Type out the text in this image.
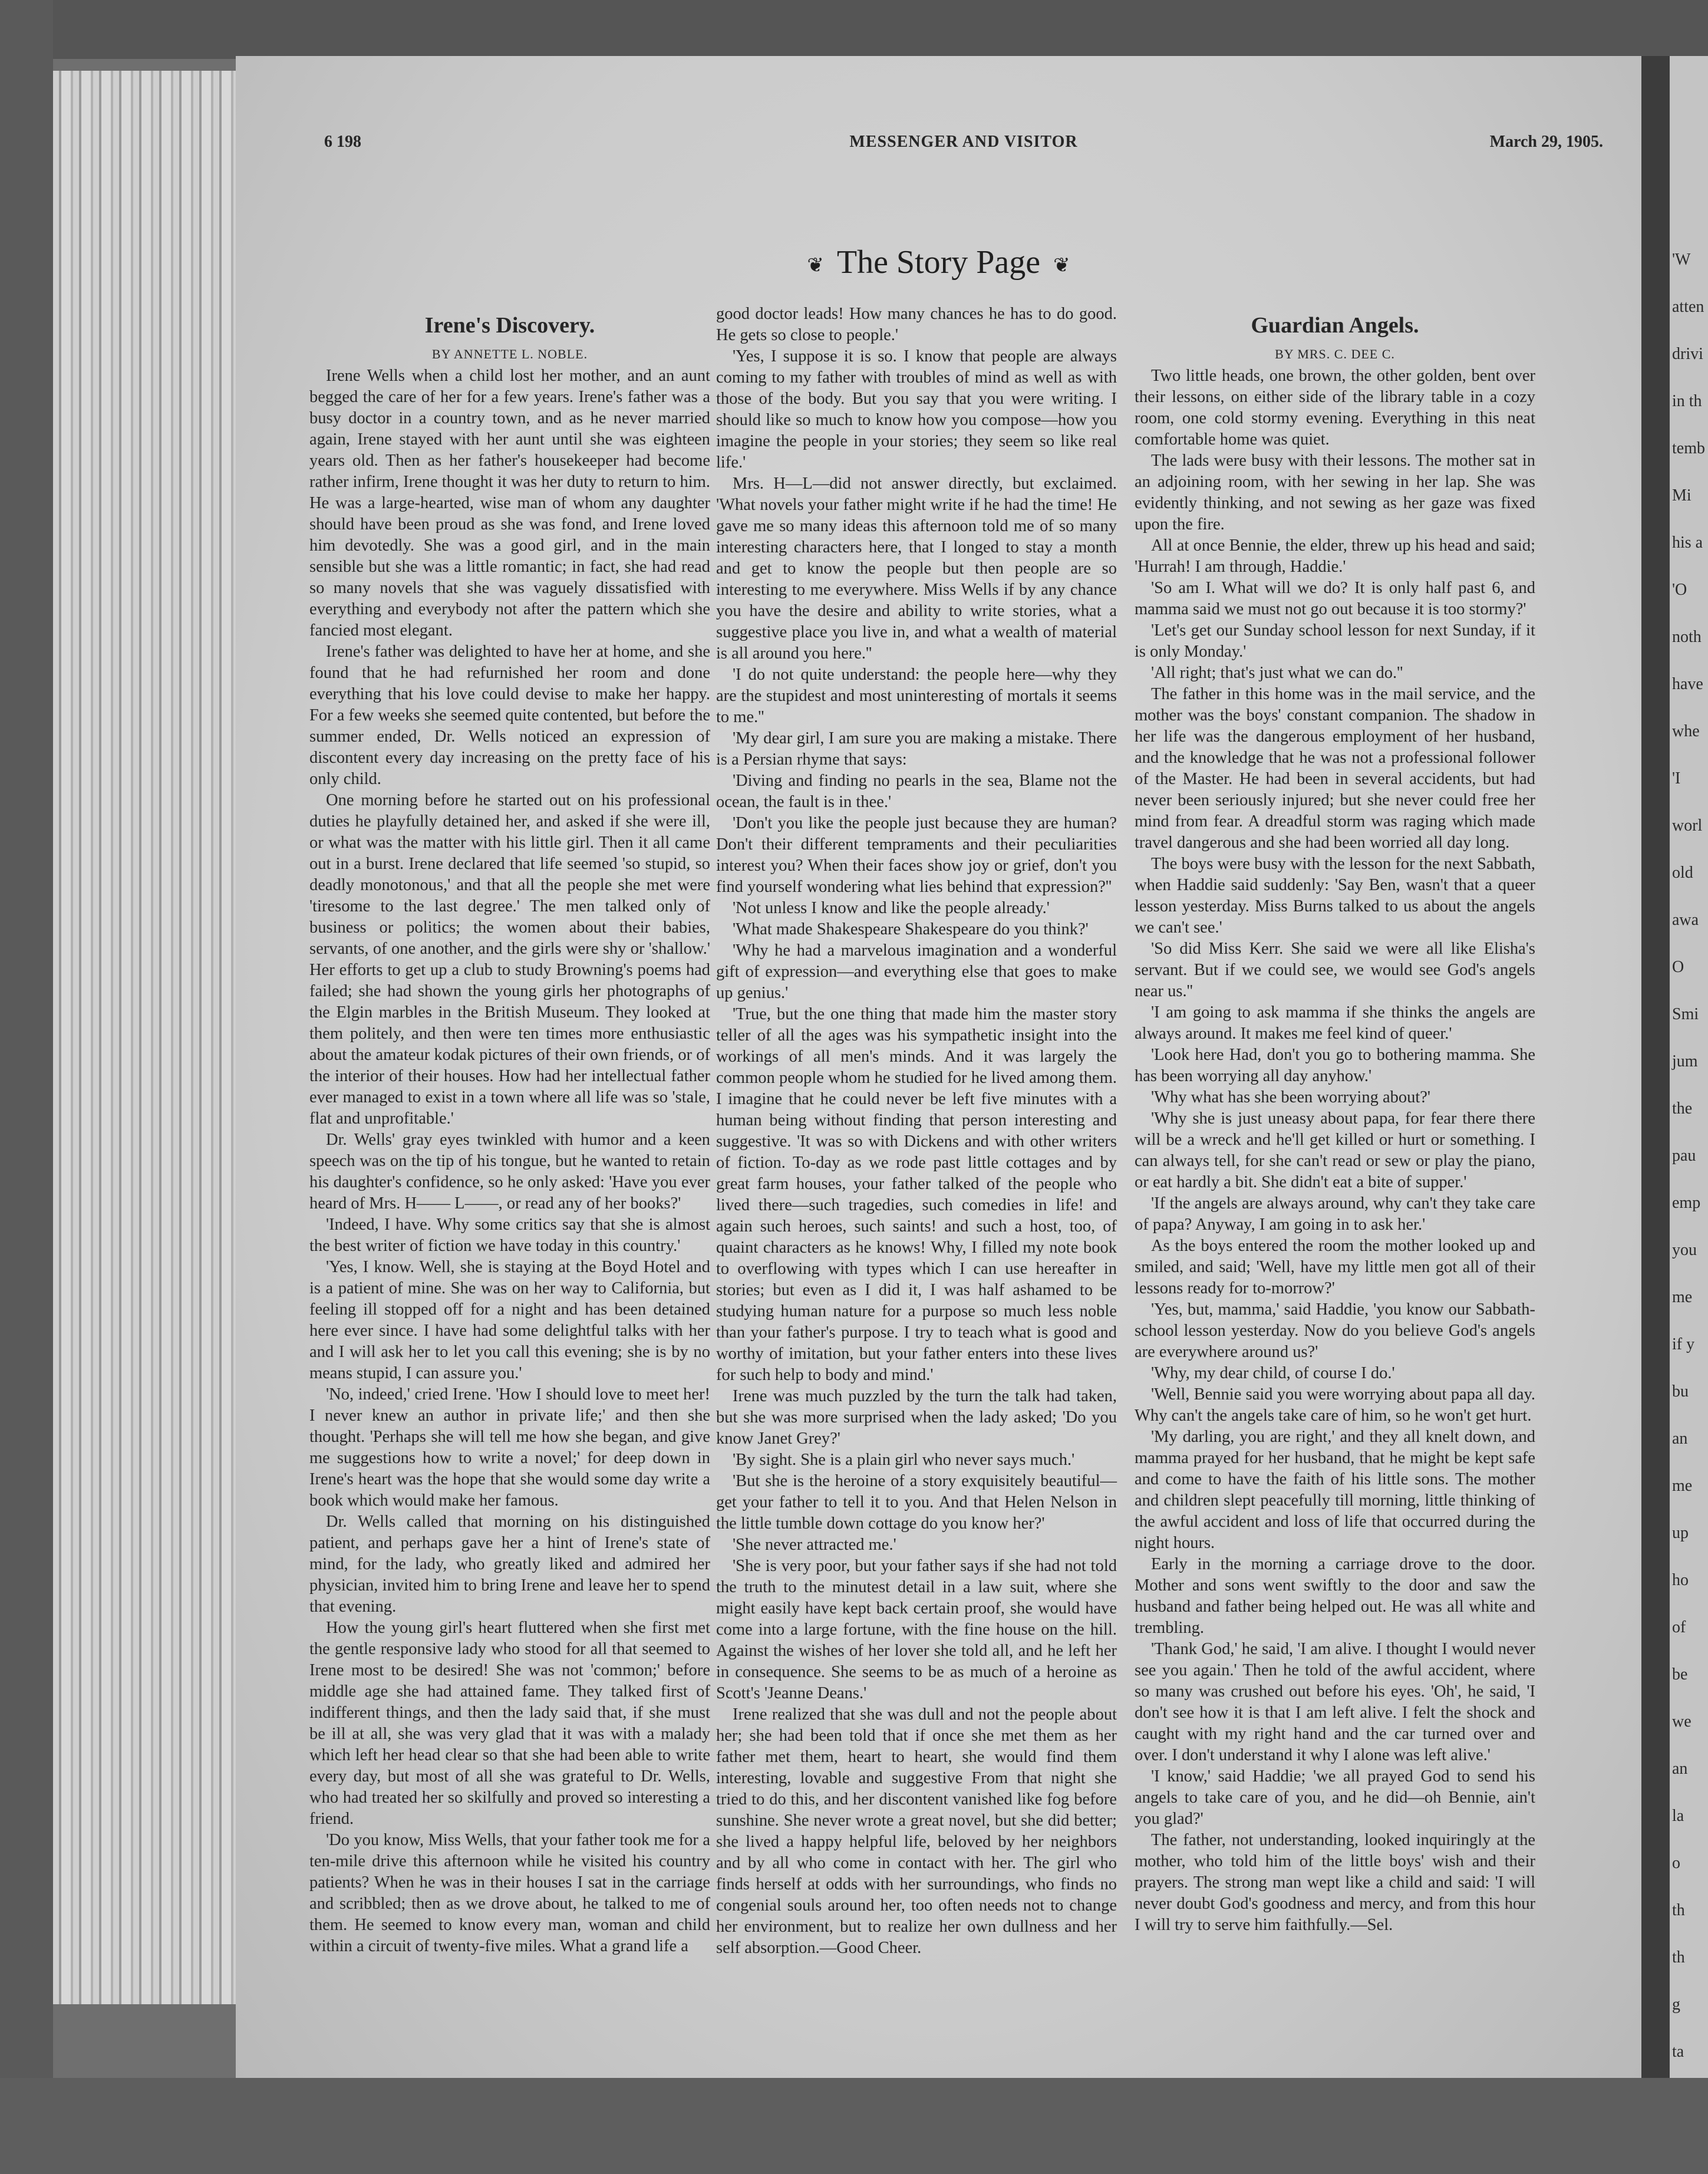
6 198	MESSENGER AND VISITOR	March 29, 1905.
❦ The Story Page ❦
Irene's Discovery.
BY ANNETTE L. NOBLE.

Irene Wells when a child lost her mother, and an aunt begged the care of her for a few years. Irene's father was a busy doctor in a country town, and as he never married again, Irene stayed with her aunt until she was eighteen years old. Then as her father's housekeeper had become rather infirm, Irene thought it was her duty to return to him. He was a large-hearted, wise man of whom any daughter should have been proud as she was fond, and Irene loved him devotedly. She was a good girl, and in the main sensible but she was a little romantic; in fact, she had read so many novels that she was vaguely dissatisfied with everything and everybody not after the pattern which she fancied most elegant.

Irene's father was delighted to have her at home, and she found that he had refurnished her room and done everything that his love could devise to make her happy. For a few weeks she seemed quite contented, but before the summer ended, Dr. Wells noticed an expression of discontent every day increasing on the pretty face of his only child.

One morning before he started out on his professional duties he playfully detained her, and asked if she were ill, or what was the matter with his little girl. Then it all came out in a burst. Irene declared that life seemed 'so stupid, so deadly monotonous,' and that all the people she met were 'tiresome to the last degree.' The men talked only of business or politics; the women about their babies, servants, of one another, and the girls were shy or 'shallow.' Her efforts to get up a club to study Browning's poems had failed; she had shown the young girls her photographs of the Elgin marbles in the British Museum. They looked at them politely, and then were ten times more enthusiastic about the amateur kodak pictures of their own friends, or of the interior of their houses. How had her intellectual father ever managed to exist in a town where all life was so 'stale, flat and unprofitable.'

Dr. Wells' gray eyes twinkled with humor and a keen speech was on the tip of his tongue, but he wanted to retain his daughter's confidence, so he only asked: 'Have you ever heard of Mrs. H—— L——, or read any of her books?'

'Indeed, I have. Why some critics say that she is almost the best writer of fiction we have today in this country.'

'Yes, I know. Well, she is staying at the Boyd Hotel and is a patient of mine. She was on her way to California, but feeling ill stopped off for a night and has been detained here ever since. I have had some delightful talks with her and I will ask her to let you call this evening; she is by no means stupid, I can assure you.'

'No, indeed,' cried Irene. 'How I should love to meet her! I never knew an author in private life;' and then she thought. 'Perhaps she will tell me how she began, and give me suggestions how to write a novel;' for deep down in Irene's heart was the hope that she would some day write a book which would make her famous.

Dr. Wells called that morning on his distinguished patient, and perhaps gave her a hint of Irene's state of mind, for the lady, who greatly liked and admired her physician, invited him to bring Irene and leave her to spend that evening.

How the young girl's heart fluttered when she first met the gentle responsive lady who stood for all that seemed to Irene most to be desired! She was not 'common;' before middle age she had attained fame. They talked first of indifferent things, and then the lady said that, if she must be ill at all, she was very glad that it was with a malady which left her head clear so that she had been able to write every day, but most of all she was grateful to Dr. Wells, who had treated her so skilfully and proved so interesting a friend.

'Do you know, Miss Wells, that your father took me for a ten-mile drive this afternoon while he visited his country patients? When he was in their houses I sat in the carriage and scribbled; then as we drove about, he talked to me of them. He seemed to know every man, woman and child within a circuit of twenty-five miles. What a grand life a

good doctor leads! How many chances he has to do good. He gets so close to people.'

'Yes, I suppose it is so. I know that people are always coming to my father with troubles of mind as well as with those of the body. But you say that you were writing. I should like so much to know how you compose—how you imagine the people in your stories; they seem so like real life.'

Mrs. H—L—did not answer directly, but exclaimed. 'What novels your father might write if he had the time! He gave me so many ideas this afternoon told me of so many interesting characters here, that I longed to stay a month and get to know the people but then people are so interesting to me everywhere. Miss Wells if by any chance you have the desire and ability to write stories, what a suggestive place you live in, and what a wealth of material is all around you here.''

'I do not quite understand: the people here—why they are the stupidest and most uninteresting of mortals it seems to me.''

'My dear girl, I am sure you are making a mistake. There is a Persian rhyme that says:

'Diving and finding no pearls in the sea, Blame not the ocean, the fault is in thee.'

'Don't you like the people just because they are human? Don't their different tempraments and their peculiarities interest you? When their faces show joy or grief, don't you find yourself wondering what lies behind that expression?''

'Not unless I know and like the people already.'

'What made Shakespeare Shakespeare do you think?'

'Why he had a marvelous imagination and a wonderful gift of expression—and everything else that goes to make up genius.'

'True, but the one thing that made him the master story teller of all the ages was his sympathetic insight into the workings of all men's minds. And it was largely the common people whom he studied for he lived among them. I imagine that he could never be left five minutes with a human being without finding that person interesting and suggestive. 'It was so with Dickens and with other writers of fiction. To-day as we rode past little cottages and by great farm houses, your father talked of the people who lived there—such tragedies, such comedies in life! and again such heroes, such saints! and such a host, too, of quaint characters as he knows! Why, I filled my note book to overflowing with types which I can use hereafter in stories; but even as I did it, I was half ashamed to be studying human nature for a purpose so much less noble than your father's purpose. I try to teach what is good and worthy of imitation, but your father enters into these lives for such help to body and mind.'

Irene was much puzzled by the turn the talk had taken, but she was more surprised when the lady asked; 'Do you know Janet Grey?'

'By sight. She is a plain girl who never says much.'

'But she is the heroine of a story exquisitely beautiful—get your father to tell it to you. And that Helen Nelson in the little tumble down cottage do you know her?'

'She never attracted me.'

'She is very poor, but your father says if she had not told the truth to the minutest detail in a law suit, where she might easily have kept back certain proof, she would have come into a large fortune, with the fine house on the hill. Against the wishes of her lover she told all, and he left her in consequence. She seems to be as much of a heroine as Scott's 'Jeanne Deans.'

Irene realized that she was dull and not the people about her; she had been told that if once she met them as her father met them, heart to heart, she would find them interesting, lovable and suggestive From that night she tried to do this, and her discontent vanished like fog before sunshine. She never wrote a great novel, but she did better; she lived a happy helpful life, beloved by her neighbors and by all who come in contact with her. The girl who finds herself at odds with her surroundings, who finds no congenial souls around her, too often needs not to change her environment, but to realize her own dullness and her self absorption.—Good Cheer.

Guardian Angels.
BY MRS. C. DEE C.

Two little heads, one brown, the other golden, bent over their lessons, on either side of the library table in a cozy room, one cold stormy evening. Everything in this neat comfortable home was quiet.

The lads were busy with their lessons. The mother sat in an adjoining room, with her sewing in her lap. She was evidently thinking, and not sewing as her gaze was fixed upon the fire.

All at once Bennie, the elder, threw up his head and said; 'Hurrah! I am through, Haddie.'

'So am I. What will we do? It is only half past 6, and mamma said we must not go out because it is too stormy?'

'Let's get our Sunday school lesson for next Sunday, if it is only Monday.'

'All right; that's just what we can do.''

The father in this home was in the mail service, and the mother was the boys' constant companion. The shadow in her life was the dangerous employment of her husband, and the knowledge that he was not a professional follower of the Master. He had been in several accidents, but had never been seriously injured; but she never could free her mind from fear. A dreadful storm was raging which made travel dangerous and she had been worried all day long.

The boys were busy with the lesson for the next Sabbath, when Haddie said suddenly: 'Say Ben, wasn't that a queer lesson yesterday. Miss Burns talked to us about the angels we can't see.'

'So did Miss Kerr. She said we were all like Elisha's servant. But if we could see, we would see God's angels near us.''

'I am going to ask mamma if she thinks the angels are always around. It makes me feel kind of queer.'

'Look here Had, don't you go to bothering mamma. She has been worrying all day anyhow.'

'Why what has she been worrying about?'

'Why she is just uneasy about papa, for fear there there will be a wreck and he'll get killed or hurt or something. I can always tell, for she can't read or sew or play the piano, or eat hardly a bit. She didn't eat a bite of supper.'

'If the angels are always around, why can't they take care of papa? Anyway, I am going in to ask her.'

As the boys entered the room the mother looked up and smiled, and said; 'Well, have my little men got all of their lessons ready for to-morrow?'

'Yes, but, mamma,' said Haddie, 'you know our Sabbath-school lesson yesterday. Now do you believe God's angels are everywhere around us?'

'Why, my dear child, of course I do.'

'Well, Bennie said you were worrying about papa all day. Why can't the angels take care of him, so he won't get hurt.

'My darling, you are right,' and they all knelt down, and mamma prayed for her husband, that he might be kept safe and come to have the faith of his little sons. The mother and children slept peacefully till morning, little thinking of the awful accident and loss of life that occurred during the night hours.

Early in the morning a carriage drove to the door. Mother and sons went swiftly to the door and saw the husband and father being helped out. He was all white and trembling.

'Thank God,' he said, 'I am alive. I thought I would never see you again.' Then he told of the awful accident, where so many was crushed out before his eyes. 'Oh', he said, 'I don't see how it is that I am left alive. I felt the shock and caught with my right hand and the car turned over and over. I don't understand it why I alone was left alive.'

'I know,' said Haddie; 'we all prayed God to send his angels to take care of you, and he did—oh Bennie, ain't you glad?'

The father, not understanding, looked inquiringly at the mother, who told him of the little boys' wish and their prayers. The strong man wept like a child and said: 'I will never doubt God's goodness and mercy, and from this hour I will try to serve him faithfully.—Sel.

'W
atten
drivi
in th
temb
Mi
his a
'O
noth
have
whe
'I
worl
old
awa
O
Smi
jum
the
pau
emp
you
me
if y
bu
an
me
up
ho
of
be
we
an
la
o
th
th
g
ta
